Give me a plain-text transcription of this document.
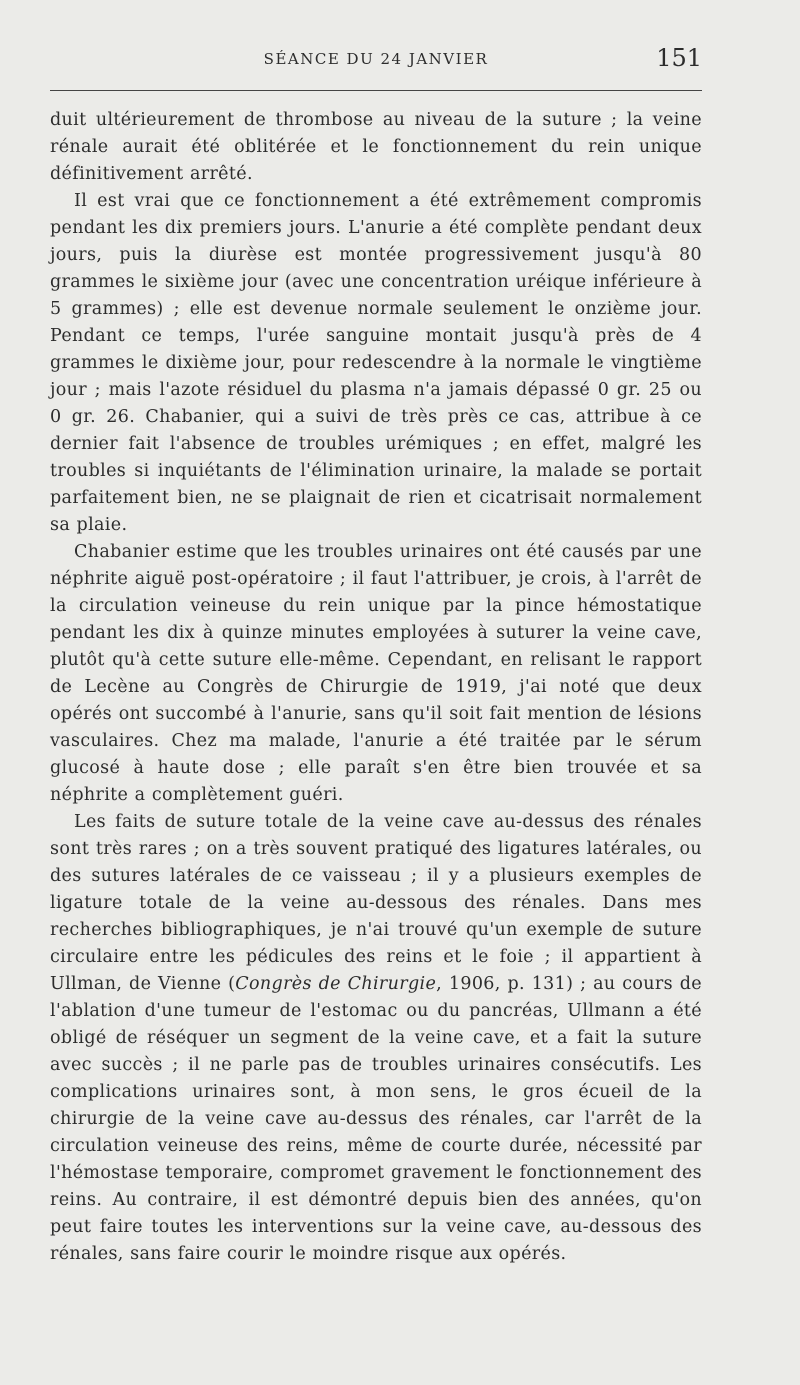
SÉANCE DU 24 JANVIER	151

duit ultérieurement de thrombose au niveau de la suture ; la veine rénale aurait été oblitérée et le fonctionnement du rein unique définitivement arrêté.

Il est vrai que ce fonctionnement a été extrêmement compromis pendant les dix premiers jours. L'anurie a été complète pendant deux jours, puis la diurèse est montée progressivement jusqu'à 80 grammes le sixième jour (avec une concentration uréique inférieure à 5 grammes) ; elle est devenue normale seulement le onzième jour. Pendant ce temps, l'urée sanguine montait jusqu'à près de 4 grammes le dixième jour, pour redescendre à la normale le vingtième jour ; mais l'azote résiduel du plasma n'a jamais dépassé 0 gr. 25 ou 0 gr. 26. Chabanier, qui a suivi de très près ce cas, attribue à ce dernier fait l'absence de troubles urémiques ; en effet, malgré les troubles si inquiétants de l'élimination urinaire, la malade se portait parfaitement bien, ne se plaignait de rien et cicatrisait normalement sa plaie.

Chabanier estime que les troubles urinaires ont été causés par une néphrite aiguë post-opératoire ; il faut l'attribuer, je crois, à l'arrêt de la circulation veineuse du rein unique par la pince hémostatique pendant les dix à quinze minutes employées à suturer la veine cave, plutôt qu'à cette suture elle-même. Cependant, en relisant le rapport de Lecène au Congrès de Chirurgie de 1919, j'ai noté que deux opérés ont succombé à l'anurie, sans qu'il soit fait mention de lésions vasculaires. Chez ma malade, l'anurie a été traitée par le sérum glucosé à haute dose ; elle paraît s'en être bien trouvée et sa néphrite a complètement guéri.

Les faits de suture totale de la veine cave au-dessus des rénales sont très rares ; on a très souvent pratiqué des ligatures latérales, ou des sutures latérales de ce vaisseau ; il y a plusieurs exemples de ligature totale de la veine au-dessous des rénales. Dans mes recherches bibliographiques, je n'ai trouvé qu'un exemple de suture circulaire entre les pédicules des reins et le foie ; il appartient à Ullman, de Vienne (Congrès de Chirurgie, 1906, p. 131) ; au cours de l'ablation d'une tumeur de l'estomac ou du pancréas, Ullmann a été obligé de réséquer un segment de la veine cave, et a fait la suture avec succès ; il ne parle pas de troubles urinaires consécutifs. Les complications urinaires sont, à mon sens, le gros écueil de la chirurgie de la veine cave au-dessus des rénales, car l'arrêt de la circulation veineuse des reins, même de courte durée, nécessité par l'hémostase temporaire, compromet gravement le fonctionnement des reins. Au contraire, il est démontré depuis bien des années, qu'on peut faire toutes les interventions sur la veine cave, au-dessous des rénales, sans faire courir le moindre risque aux opérés.
